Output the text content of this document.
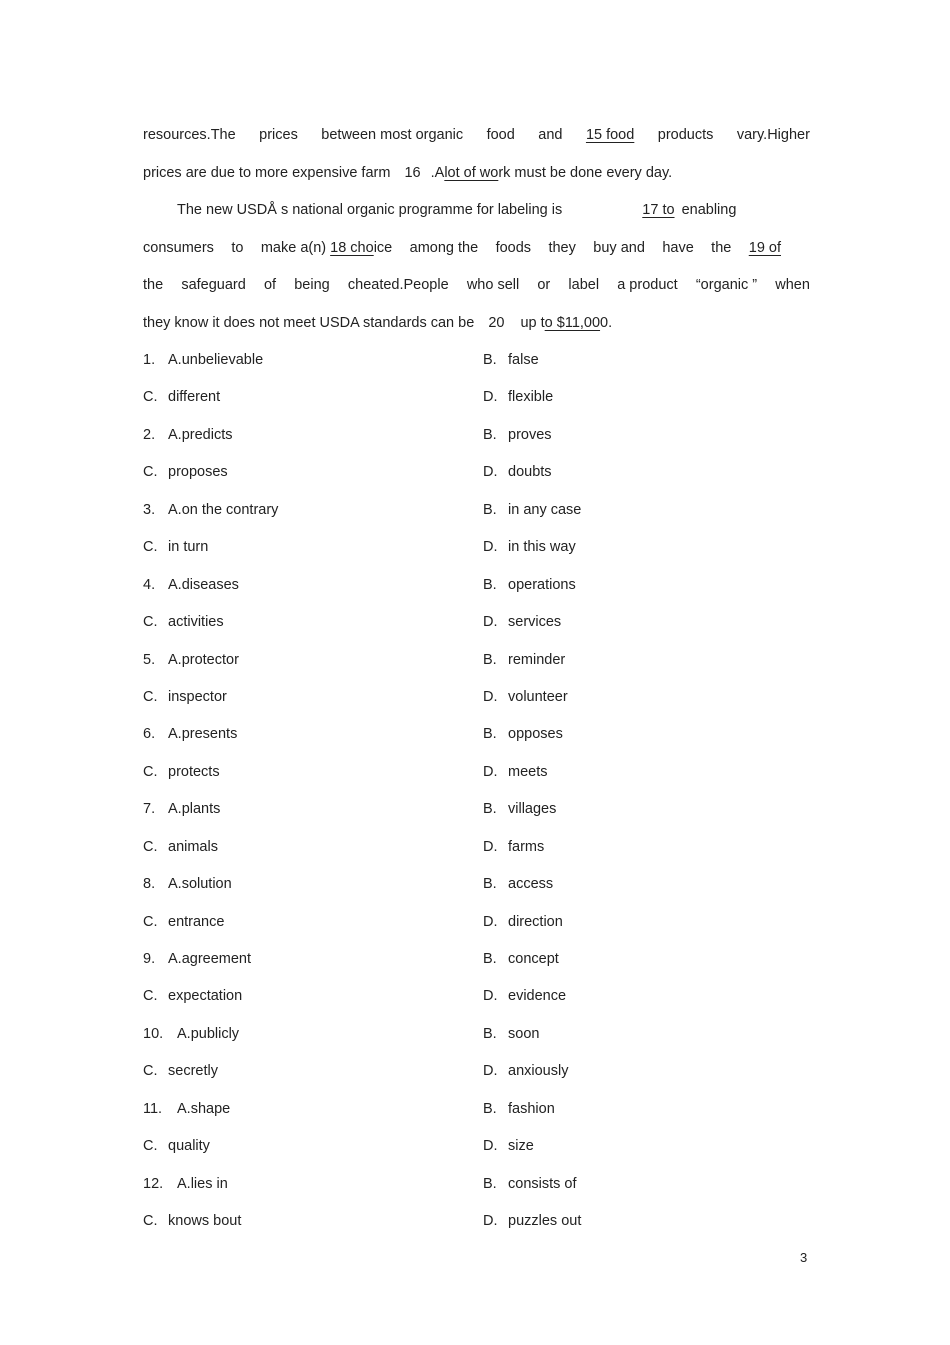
resources.The prices between most organic food and 15 food products vary.Higher
prices are due to more expensive farm 16 .Alot of work must be done every day.
The new USDÅ s national organic programme for labeling is	17 to enabling
consumers to make a(n) 18 choice among the foods they buy and have the 19 of
the safeguard of being cheated.People who sell or label a product “organic ” when
they know it does not meet USDA standards can be 20 up to $11,000.
1. A.unbelievable	B. false
C. different	D. flexible
2. A.predicts	B. proves
C. proposes	D. doubts
3. A.on the contrary	B. in any case
C. in turn	D. in this way
4. A.diseases	B. operations
C. activities	D. services
5. A.protector	B. reminder
C. inspector	D. volunteer
6. A.presents	B. opposes
C. protects	D. meets
7. A.plants	B. villages
C. animals	D. farms
8. A.solution	B. access
C. entrance	D. direction
9. A.agreement	B. concept
C. expectation	D. evidence
10. A.publicly	B. soon
C. secretly	D. anxiously
11. A.shape	B. fashion
C. quality	D. size
12. A.lies in	B. consists of
C. knows bout	D. puzzles out
3
